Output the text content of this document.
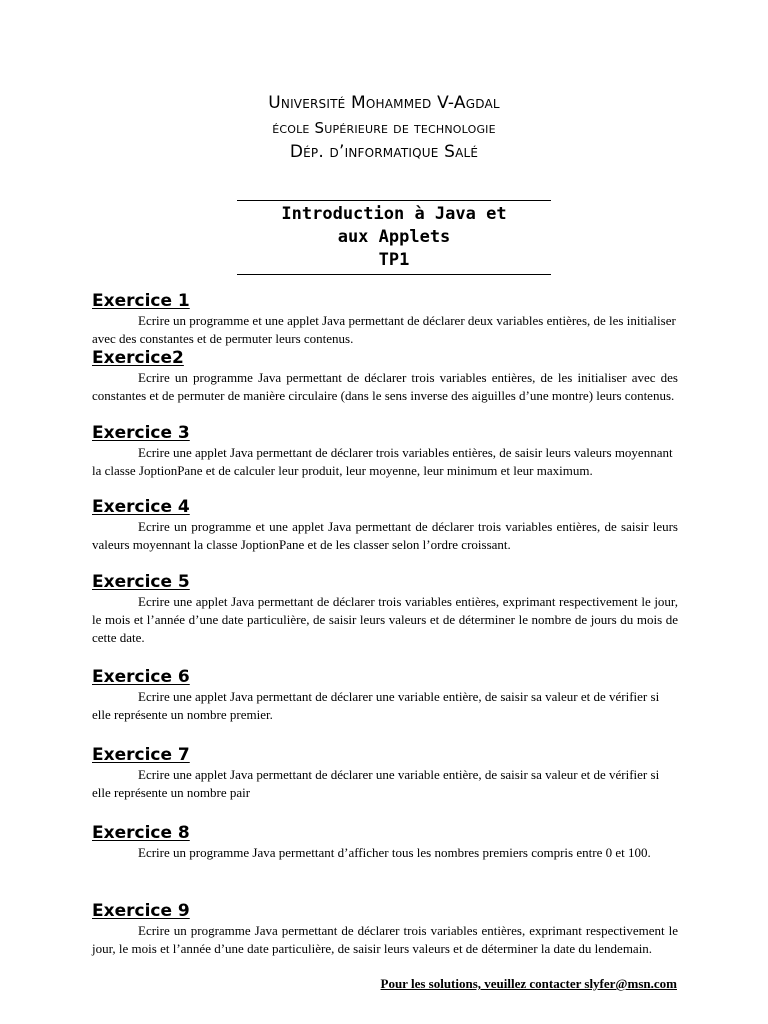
Université Mohammed V-Agdal
école Supérieure de technologie
Dép. d’informatique Salé
Introduction à Java et
aux Applets
TP1
Exercice 1
Ecrire un programme et une applet Java permettant de déclarer deux variables entières, de les initialiser avec des constantes et de permuter leurs contenus.
Exercice2
Ecrire un programme Java permettant de déclarer trois variables entières, de les initialiser avec des constantes et de permuter de manière circulaire (dans le sens inverse des aiguilles d’une montre) leurs contenus.
Exercice 3
Ecrire une applet Java permettant de déclarer trois variables entières, de saisir leurs valeurs moyennant la classe JoptionPane et de calculer leur produit, leur moyenne, leur minimum et leur maximum.
Exercice 4
Ecrire un programme et une applet Java permettant de déclarer trois variables entières, de saisir leurs valeurs moyennant la classe JoptionPane et de les classer selon l’ordre croissant.
Exercice 5
Ecrire une applet Java permettant de déclarer trois variables entières, exprimant respectivement le jour, le mois et l’année d’une date particulière, de saisir leurs valeurs et de déterminer le nombre de jours du mois de cette date.
Exercice 6
Ecrire une applet Java permettant de déclarer une variable entière, de saisir sa valeur et de vérifier si elle représente un nombre premier.
Exercice 7
Ecrire une applet Java permettant de déclarer une variable entière, de saisir sa valeur et de vérifier si elle représente un nombre pair
Exercice 8
Ecrire un programme Java permettant d’afficher tous les nombres premiers compris entre 0 et 100.
Exercice 9
Ecrire un programme Java permettant de déclarer trois variables entières, exprimant respectivement le jour, le mois et l’année d’une date particulière, de saisir leurs valeurs et de déterminer la date du lendemain.
Pour les solutions, veuillez contacter slyfer@msn.com
